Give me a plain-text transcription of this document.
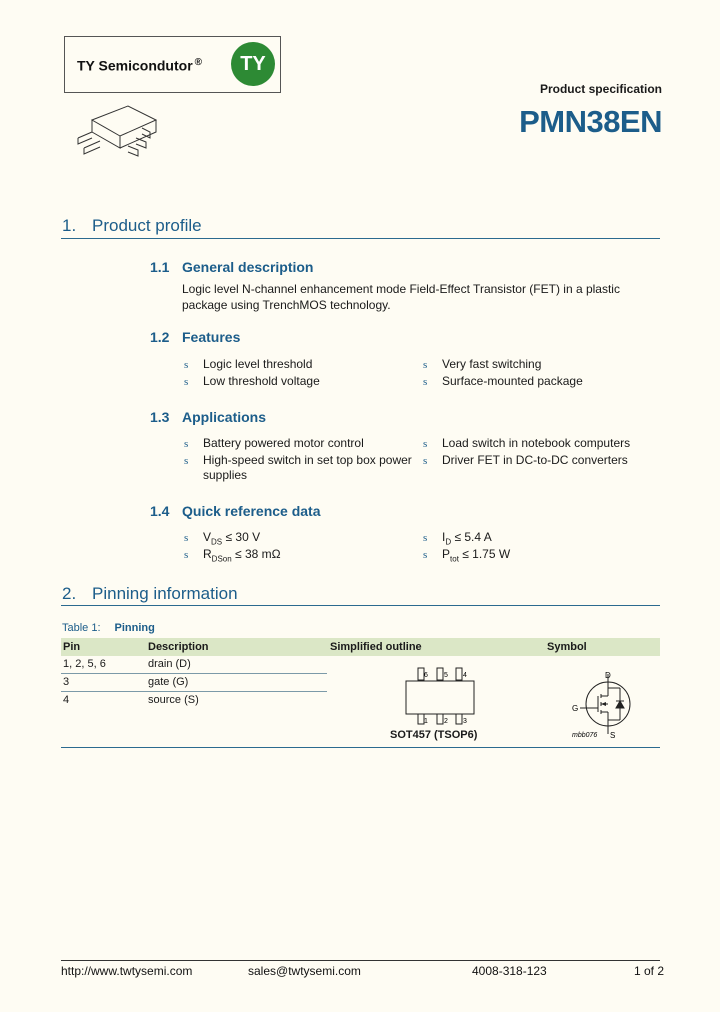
TY Semicondutor ®	TY
Product specification
PMN38EN
1. Product profile
1.1 General description
Logic level N-channel enhancement mode Field-Effect Transistor (FET) in a plastic
package using TrenchMOS technology.
1.2 Features
s	Logic level threshold	s	Very fast switching
s	Low threshold voltage	s	Surface-mounted package
1.3 Applications
s	Battery powered motor control	s	Load switch in notebook computers
s	High-speed switch in set top box power
supplies
s	Driver FET in DC-to-DC converters
1.4 Quick reference data
s	$V_{DS} \le 30$ V	s	$I_D \le 5.4$ A
s	$R_{DSon} \le 38$ mΩ	s	$P_{tot} \le 1.75$ W
2. Pinning information
Table 1: Pinning
Pin	Description	Simplified outline	Symbol
1, 2, 5, 6	drain (D)
3	gate (G)
4	source (S)
6 5 4
1 2 3
SOT457 (TSOP6)
D
G
S
mbb076
http://www.twtysemi.com	sales@twtysemi.com	4008-318-123	1 of 2
